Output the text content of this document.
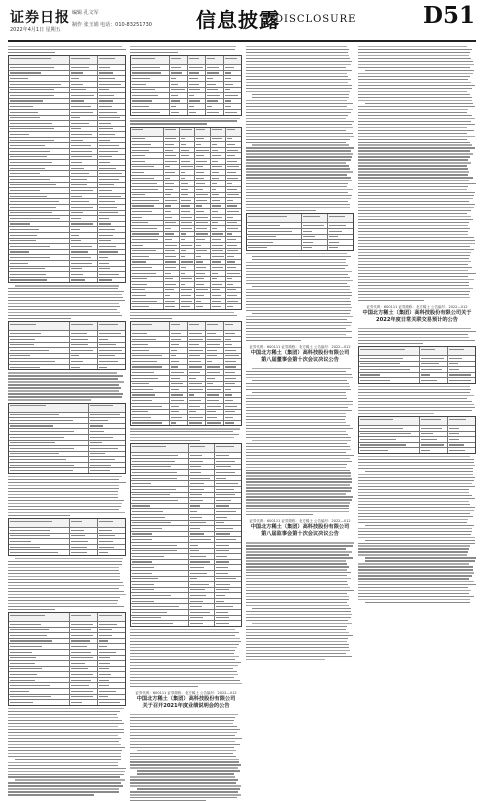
证券日报
2022年4月1日 星期五
编辑 孔文军
制作 张玉娟 电话：010-83251730 信息披露
DISCLOSURE	D51
证券代码：600111 证券简称：北方稀土 公告编号：2022—012
中国北方稀土（集团）高科技股份有限公司
关于召开2021年度业绩说明会的公告
证券代码：600111 证券简称：北方稀土 公告编号：2022—012
中国北方稀土（集团）高科技股份有限公司
第八届董事会第十次会议决议公告
证券代码：600111 证券简称：北方稀土 公告编号：2022—012
中国北方稀土（集团）高科技股份有限公司
第八届监事会第十次会议决议公告
证券代码：600111 证券简称：北方稀土 公告编号：2022—012
中国北方稀土（集团）高科技股份有限公司关于
2022年度日常关联交易预计的公告
